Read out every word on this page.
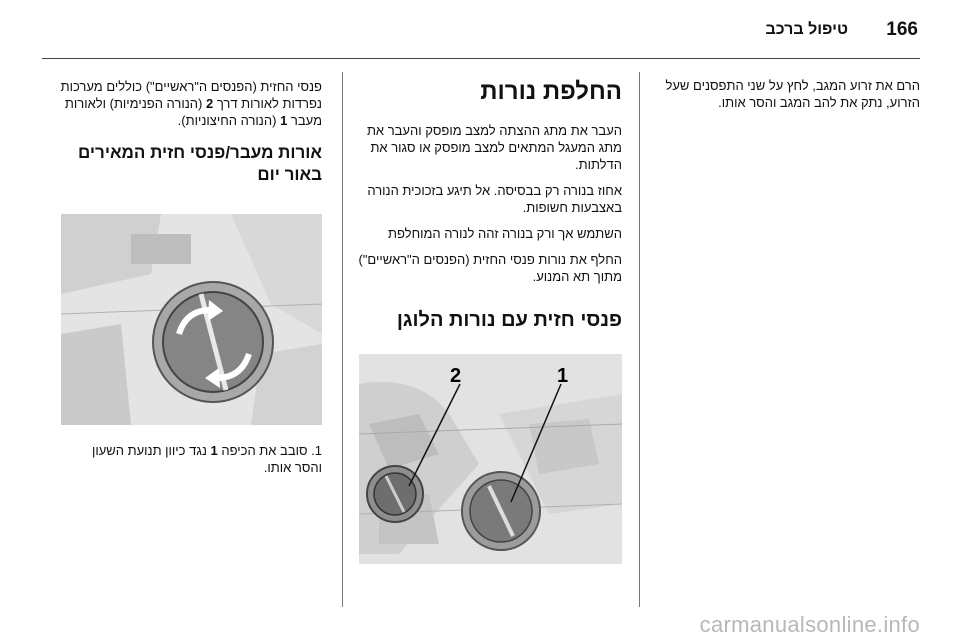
166
טיפול ברכב

הרם את זרוע המגב, לחץ על שני התפסנים שעל הזרוע, נתק את להב המגב והסר אותו.

החלפת נורות

העבר את מתג ההצתה למצב מופסק והעבר את מתג המעגל המתאים למצב מופסק או סגור את הדלתות.

אחוז בנורה רק בבסיסה. אל תיגע בזכוכית הנורה באצבעות חשופות.

השתמש אך ורק בנורה זהה לנורה המוחלפת

החלף את נורות פנסי החזית (הפנסים ה"ראשיים") מתוך תא המנוע.

פנסי חזית עם נורות הלוגן
1
2

פנסי החזית (הפנסים ה"ראשיים") כוללים מערכות נפרדות לאורות דרך 2 (הנורה הפנימיות) ולאורות מעבר 1 (הנורה החיצוניות).

אורות מעבר/פנסי חזית המאירים באור יום

1. סובב את הכיפה 1 נגד כיוון תנועת השעון והסר אותו.

carmanualsonline.info
